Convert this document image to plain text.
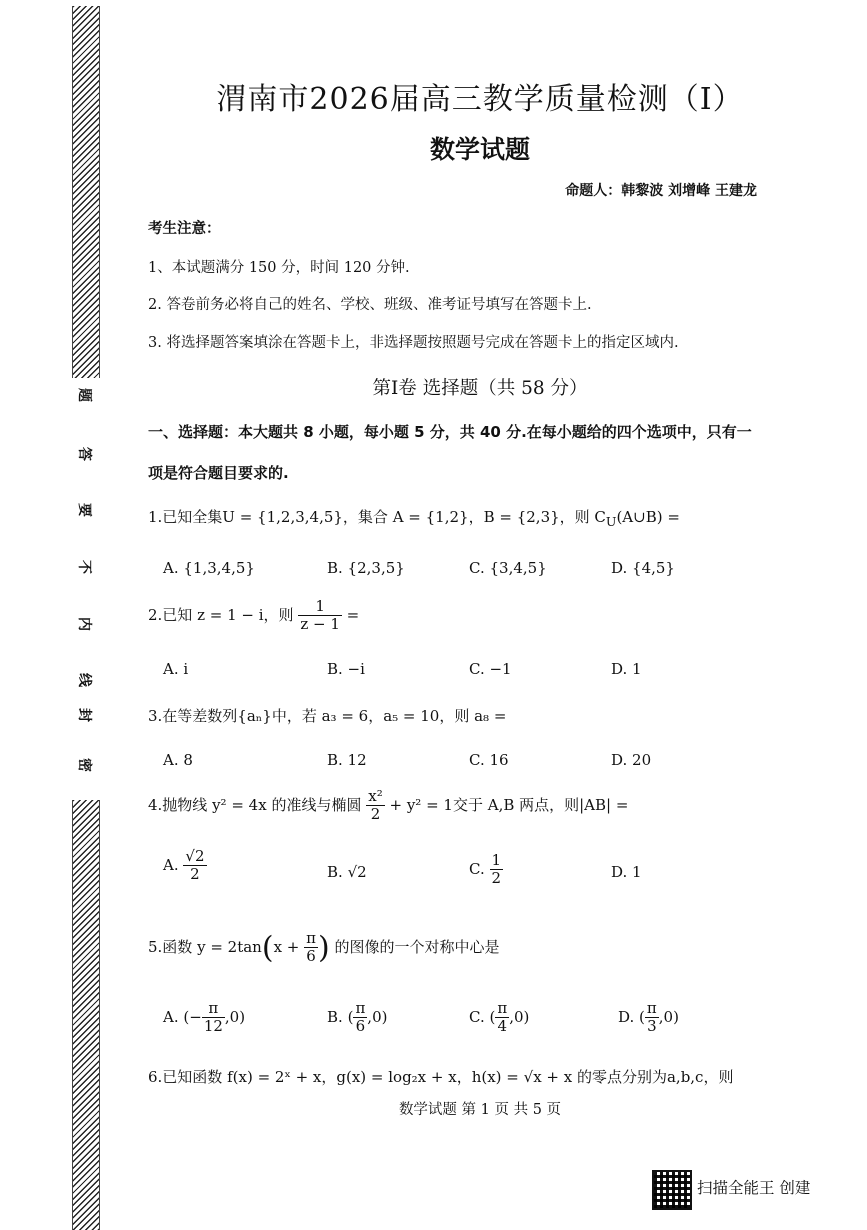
题
答
要
不
内
线
封
密
渭南市2026届高三教学质量检测（Ⅰ）
数学试题
命题人：韩黎波 刘增峰 王建龙
考生注意：
1、本试题满分 150 分，时间 120 分钟.
2. 答卷前务必将自己的姓名、学校、班级、准考证号填写在答题卡上.
3. 将选择题答案填涂在答题卡上，非选择题按照题号完成在答题卡上的指定区域内.
第Ⅰ卷 选择题（共 58 分）
一、选择题：本大题共 8 小题，每小题 5 分，共 40 分.在每小题给的四个选项中，只有一
项是符合题目要求的.
1.已知全集U = {1,2,3,4,5}，集合 A = {1,2}，B = {2,3}，则 $C_U(A\cup B)$ =
A. {1,3,4,5}	B. {2,3,5}	C. {3,4,5}	D. {4,5}
2.已知 z = 1 − i，则 $\frac{1}{z - 1}$ =
A. i	B. −i	C. −1	D. 1
3.在等差数列{aₙ}中，若 a₃ = 6，a₅ = 10，则 a₈ =
A. 8	B. 12	C. 16	D. 20
4.抛物线 y² = 4x 的准线与椭圆 $\frac{\text{x²}}{2} + y^2 = 1$交于 A,B 两点，则|AB| =
A. $\frac{√2}{2}$	B. √2	C. $\frac{1}{2}$	D. 1
5.函数 $y = 2\tan(x + \frac{\pi}{6}$ ) 的图像的一个对称中心是
A. (− $\frac{\pi}{12} ,0$)	B. ( $\frac{\pi}{6} ,0$)	C. ( $\frac{\pi}{4} ,0$)	D. ( $\frac{\pi}{3} ,0$)
6.已知函数 f(x) = 2ˣ + x，g(x) = log₂x + x，h(x) = √x + x 的零点分别为a,b,c，则
数学试题 第 1 页 共 5 页
扫描全能王 创建
